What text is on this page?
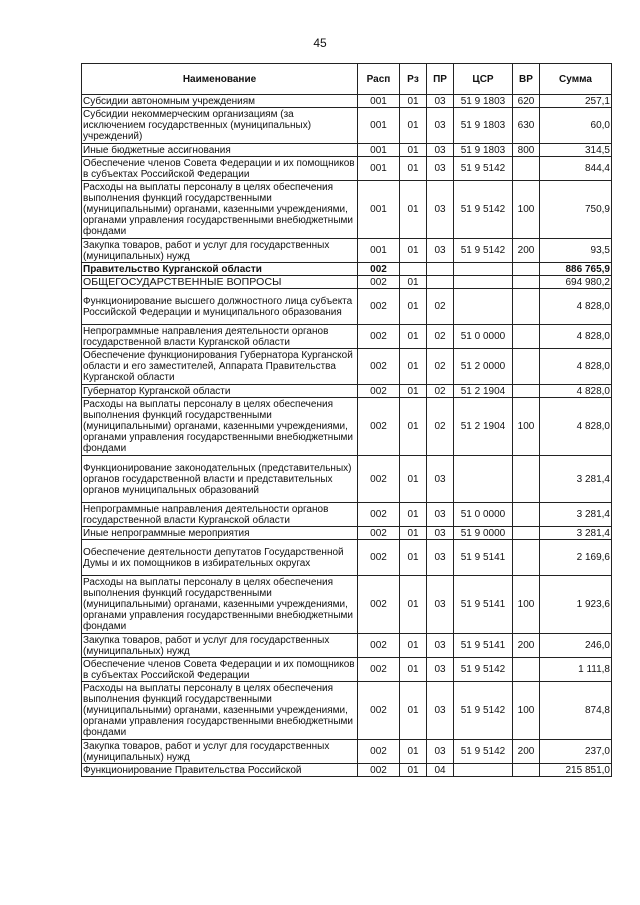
45
Наименование	Расп	Рз	ПР	ЦСР	ВР	Сумма
Субсидии автономным учреждениям	001	01	03	51 9 1803	620	257,1
Субсидии некоммерческим организациям (за исключением государственных (муниципальных) учреждений)	001	01	03	51 9 1803	630	60,0
Иные бюджетные ассигнования	001	01	03	51 9 1803	800	314,5
Обеспечение членов Совета Федерации и их помощников в субъектах Российской Федерации	001	01	03	51 9 5142		844,4
Расходы на выплаты персоналу в целях обеспечения выполнения функций государственными (муниципальными) органами, казенными учреждениями, органами управления государственными внебюджетными фондами	001	01	03	51 9 5142	100	750,9
Закупка товаров, работ и услуг для государственных (муниципальных) нужд	001	01	03	51 9 5142	200	93,5
Правительство Курганской области	002					886 765,9
ОБЩЕГОСУДАРСТВЕННЫЕ ВОПРОСЫ	002	01				694 980,2
Функционирование высшего должностного лица субъекта Российской Федерации и муниципального образования	002	01	02			4 828,0
Непрограммные направления деятельности органов государственной власти Курганской области	002	01	02	51 0 0000		4 828,0
Обеспечение функционирования Губернатора Курганской области и его заместителей, Аппарата Правительства Курганской области	002	01	02	51 2 0000		4 828,0
Губернатор Курганской области	002	01	02	51 2 1904		4 828,0
Расходы на выплаты персоналу в целях обеспечения выполнения функций государственными (муниципальными) органами, казенными учреждениями, органами управления государственными внебюджетными фондами	002	01	02	51 2 1904	100	4 828,0
Функционирование законодательных (представительных) органов государственной власти и представительных органов муниципальных образований	002	01	03			3 281,4
Непрограммные направления деятельности органов государственной власти Курганской области	002	01	03	51 0 0000		3 281,4
Иные непрограммные мероприятия	002	01	03	51 9 0000		3 281,4
Обеспечение деятельности депутатов Государственной Думы и их помощников в избирательных округах	002	01	03	51 9 5141		2 169,6
Расходы на выплаты персоналу в целях обеспечения выполнения функций государственными (муниципальными) органами, казенными учреждениями, органами управления государственными внебюджетными фондами	002	01	03	51 9 5141	100	1 923,6
Закупка товаров, работ и услуг для государственных (муниципальных) нужд	002	01	03	51 9 5141	200	246,0
Обеспечение членов Совета Федерации и их помощников в субъектах Российской Федерации	002	01	03	51 9 5142		1 111,8
Расходы на выплаты персоналу в целях обеспечения выполнения функций государственными (муниципальными) органами, казенными учреждениями, органами управления государственными внебюджетными фондами	002	01	03	51 9 5142	100	874,8
Закупка товаров, работ и услуг для государственных (муниципальных) нужд	002	01	03	51 9 5142	200	237,0
Функционирование Правительства Российской	002	01	04			215 851,0
